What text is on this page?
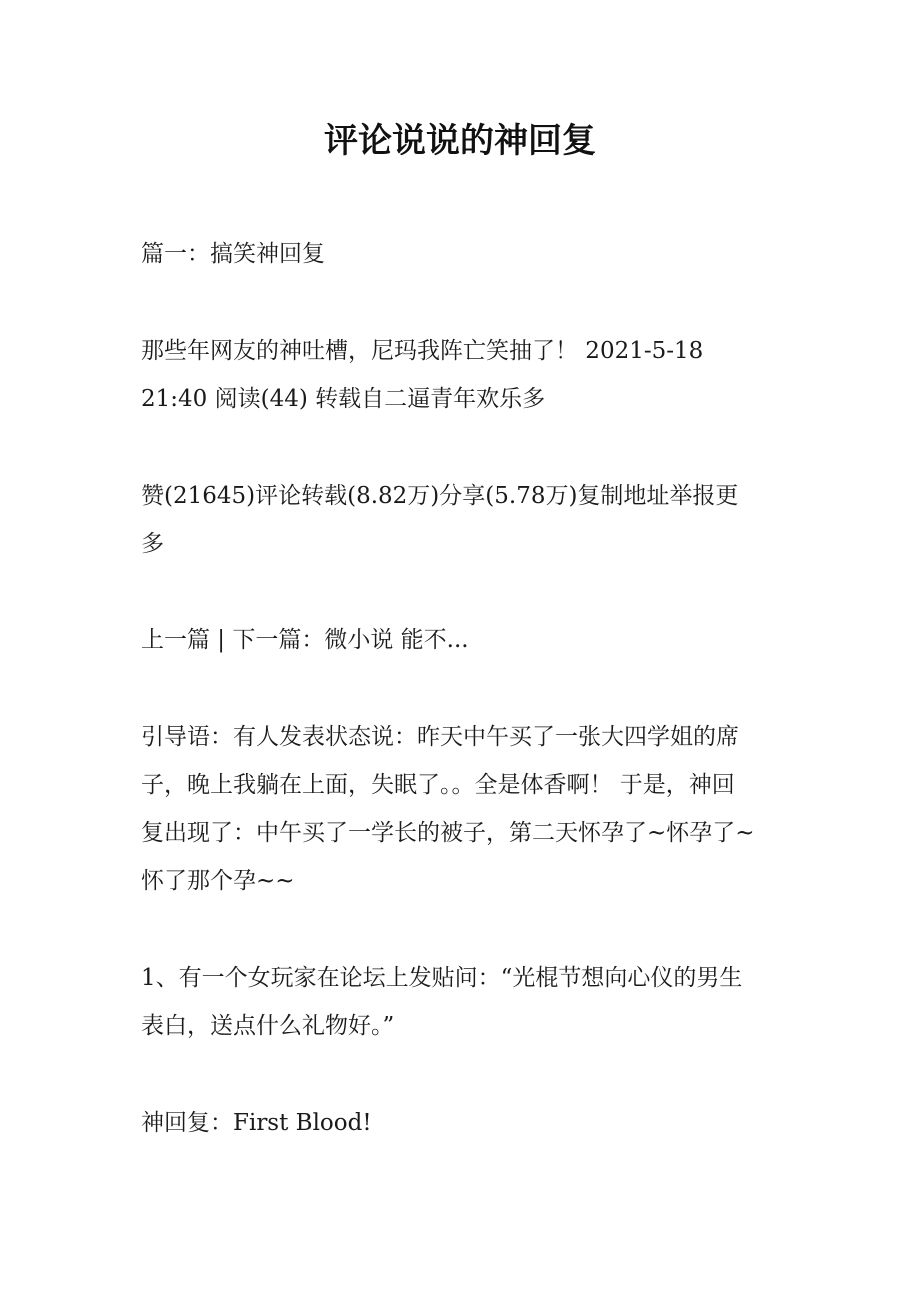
评论说说的神回复

篇一：搞笑神回复

那些年网友的神吐槽，尼玛我阵亡笑抽了！ 2021-5-18
21:40 阅读(44) 转载自二逼青年欢乐多

赞(21645)评论转载(8.82万)分享(5.78万)复制地址举报更
多

上一篇 | 下一篇：微小说 能不...

引导语：有人发表状态说：昨天中午买了一张大四学姐的席
子，晚上我躺在上面，失眠了。。全是体香啊！ 于是，神回
复出现了：中午买了一学长的被子，第二天怀孕了~怀孕了~
怀了那个孕~~

1、有一个女玩家在论坛上发贴问：“光棍节想向心仪的男生
表白，送点什么礼物好。”

神回复：First Blood!
